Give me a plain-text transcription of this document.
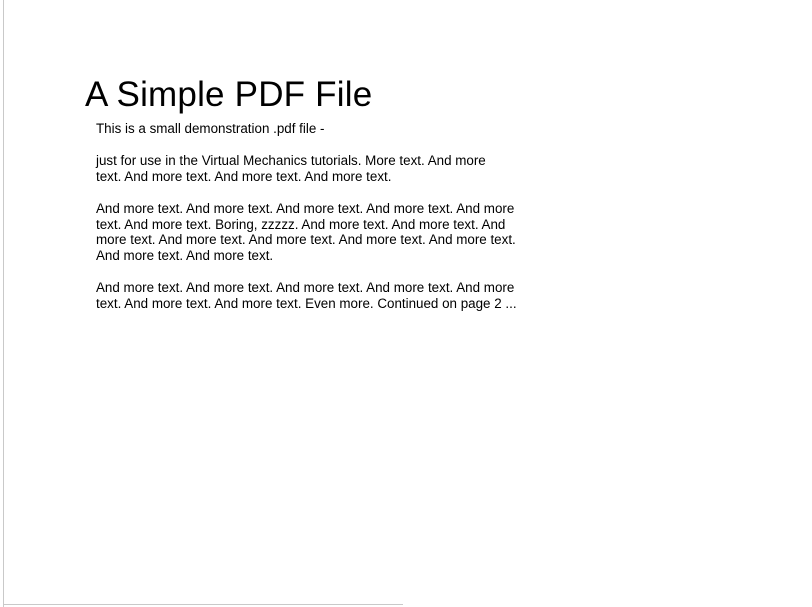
A Simple PDF File
This is a small demonstration .pdf file -
just for use in the Virtual Mechanics tutorials. More text. And more
text. And more text. And more text. And more text.
And more text. And more text. And more text. And more text. And more
text. And more text. Boring, zzzzz. And more text. And more text. And
more text. And more text. And more text. And more text. And more text.
And more text. And more text.
And more text. And more text. And more text. And more text. And more
text. And more text. And more text. Even more. Continued on page 2 ...
